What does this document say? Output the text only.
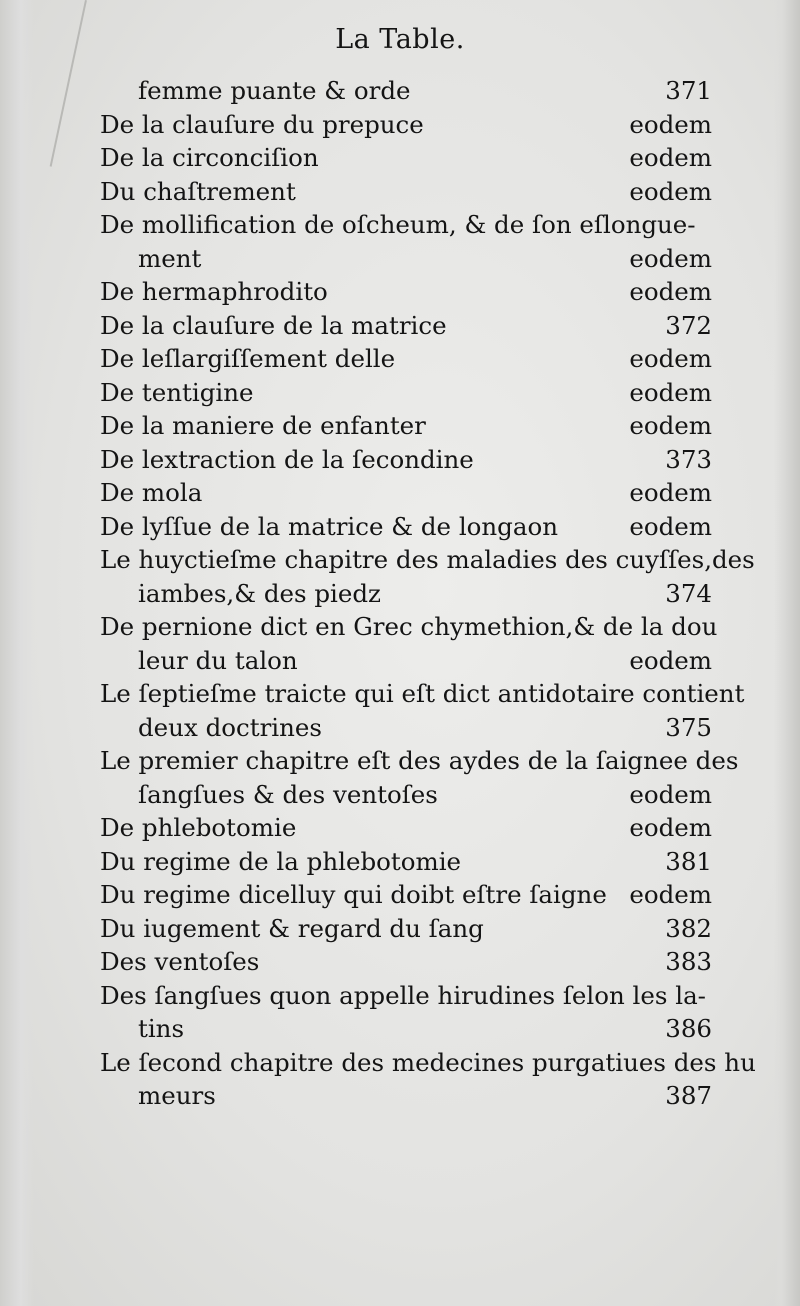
La Table.
femme puante & orde	371
De la clauſure du prepuce	eodem
De la circonciſion	eodem
Du chaſtrement	eodem
De mollification de oſcheum, & de ſon eſlongue-
ment	eodem
De hermaphrodito	eodem
De la clauſure de la matrice	372
De leſlargiſſement delle	eodem
De tentigine	eodem
De la maniere de enfanter	eodem
De lextraction de la ſecondine	373
De mola	eodem
De lyſſue de la matrice & de longaon	eodem
Le huyctieſme chapitre des maladies des cuyſſes,des
iambes,& des piedz	374
De pernione dict en Grec chymethion,& de la dou
leur du talon	eodem
Le ſeptieſme traicte qui eſt dict antidotaire contient
deux doctrines	375
Le premier chapitre eſt des aydes de la ſaignee des
ſangſues & des ventoſes	eodem
De phlebotomie	eodem
Du regime de la phlebotomie	381
Du regime dicelluy qui doibt eſtre ſaigne eodem
Du iugement & regard du ſang	382
Des ventoſes	383
Des ſangſues quon appelle hirudines ſelon les la-
tins	386
Le ſecond chapitre des medecines purgatiues des hu
meurs	387
